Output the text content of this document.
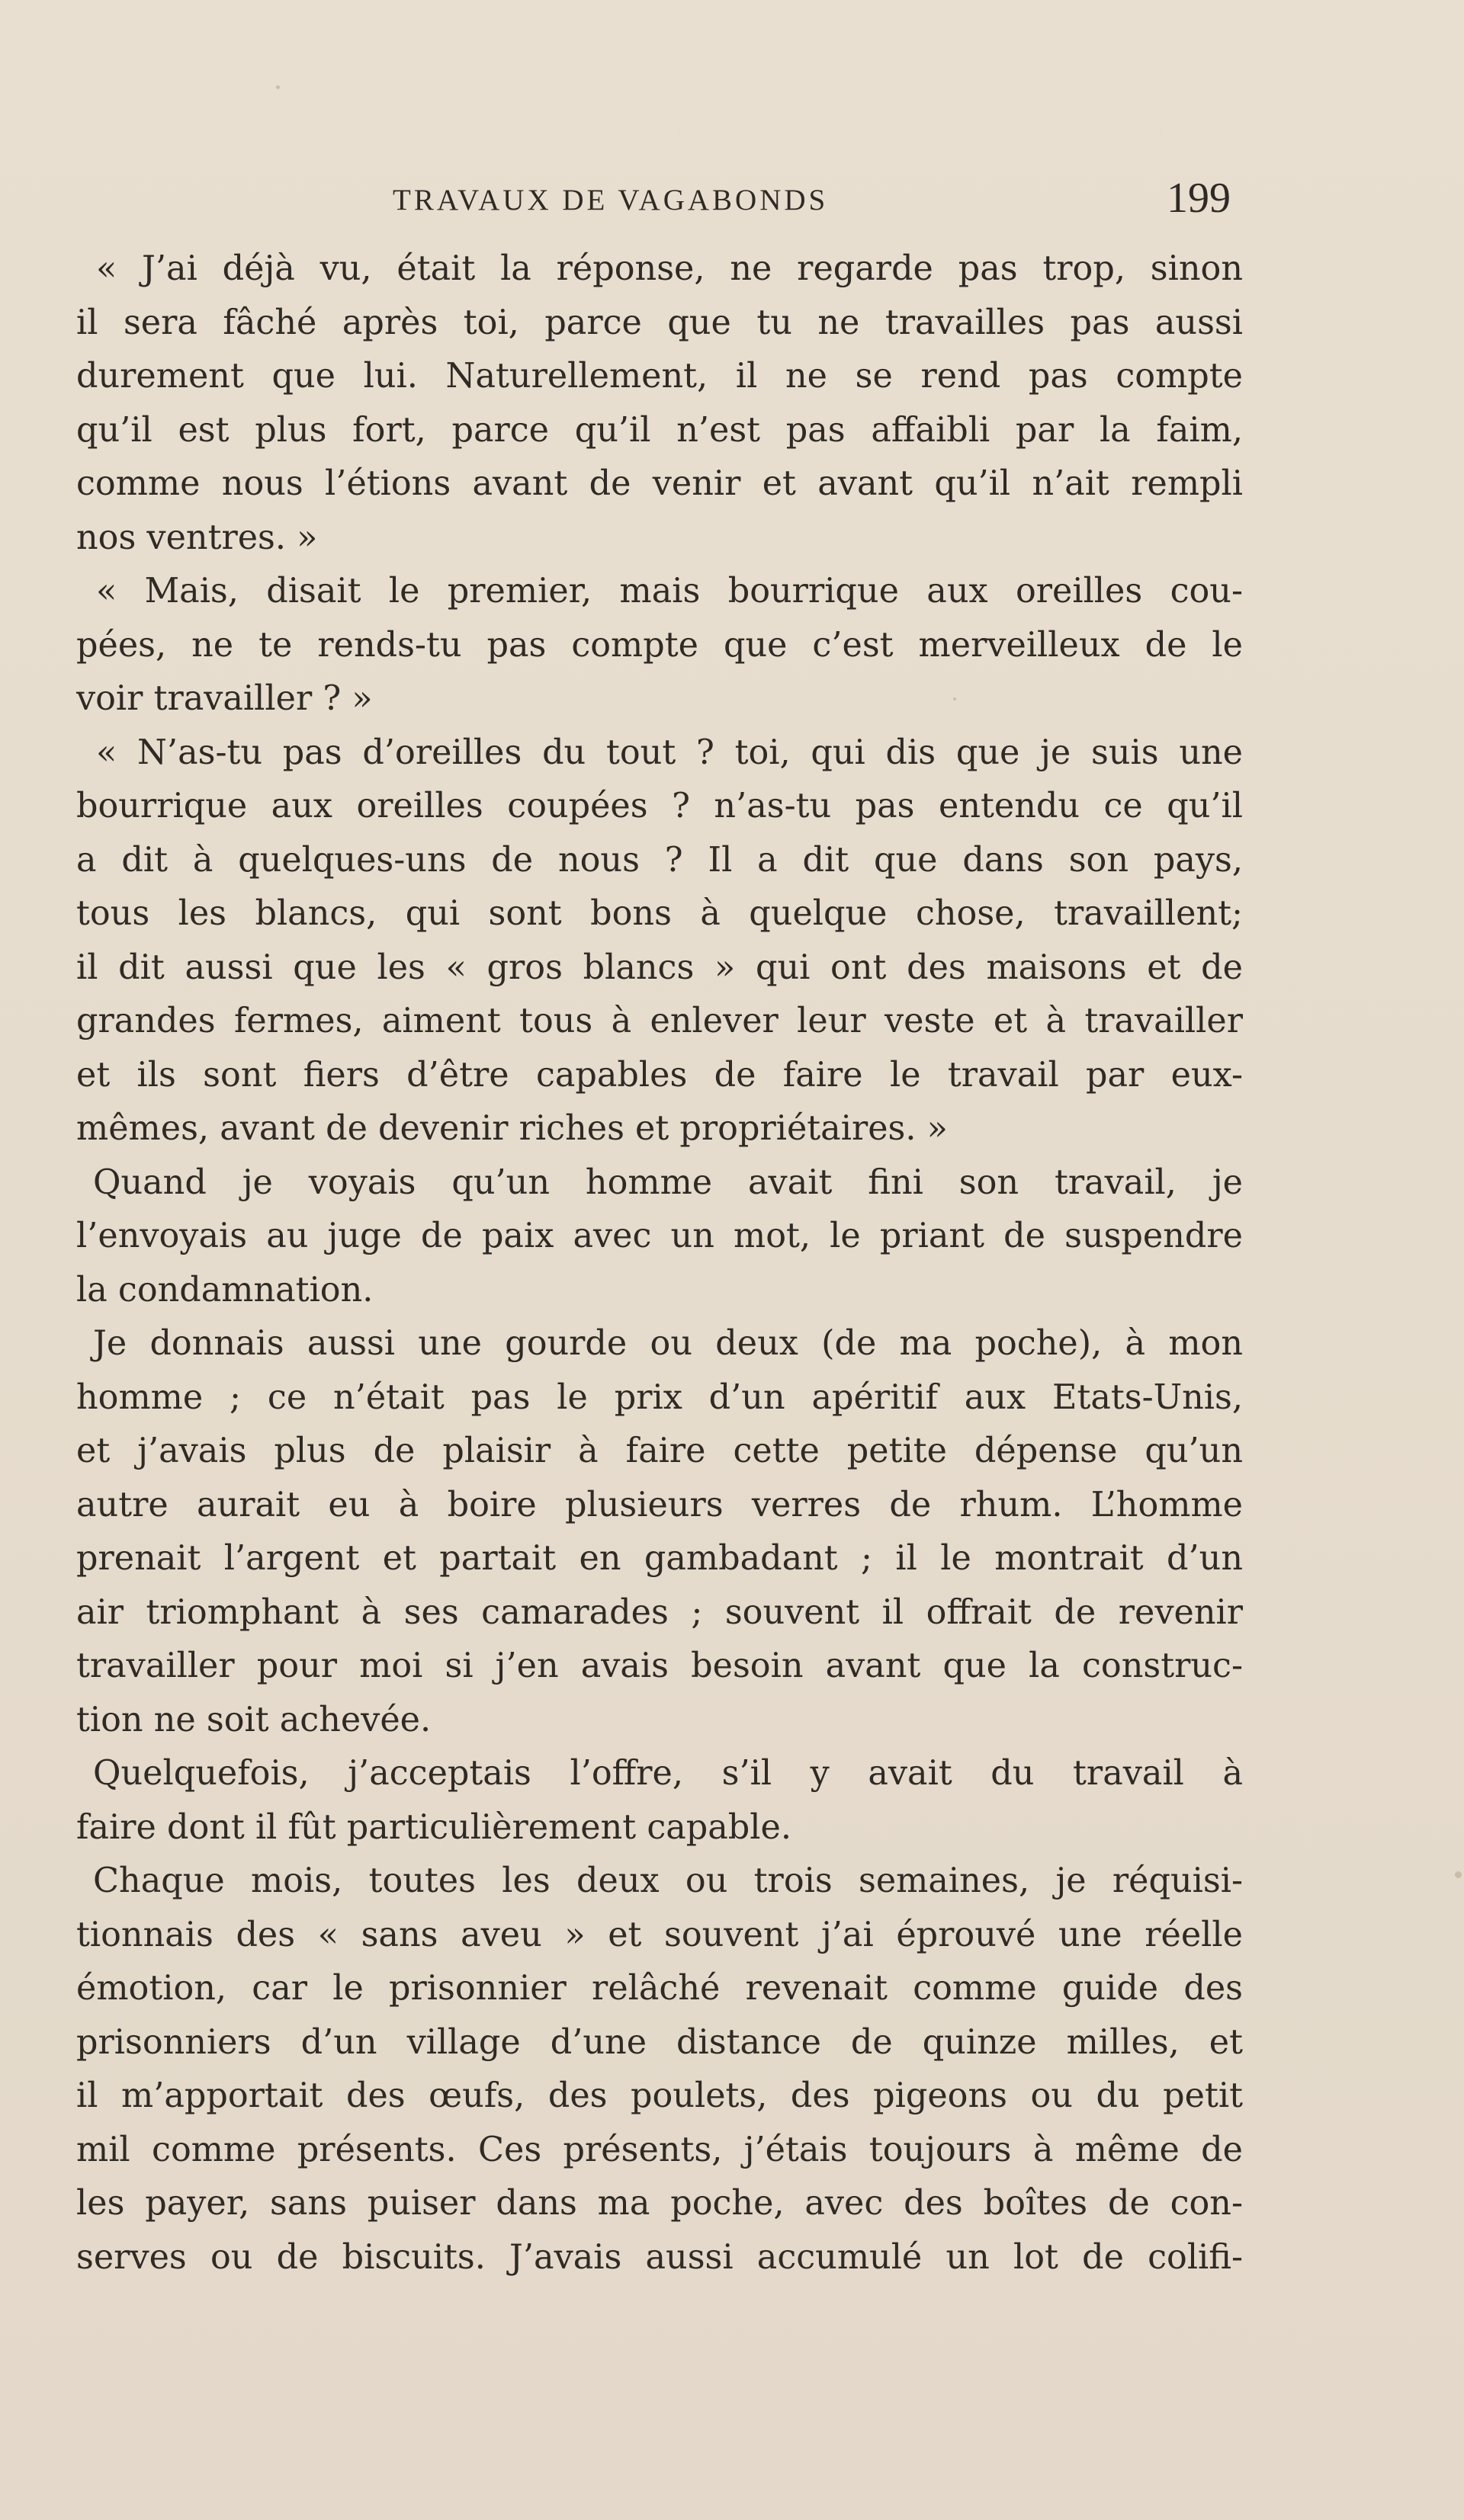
TRAVAUX DE VAGABONDS	199
« J’ai déjà vu, était la réponse, ne regarde pas trop, sinon
il sera fâché après toi, parce que tu ne travailles pas aussi
durement que lui. Naturellement, il ne se rend pas compte
qu’il est plus fort, parce qu’il n’est pas affaibli par la faim,
comme nous l’étions avant de venir et avant qu’il n’ait rempli
nos ventres. »
« Mais, disait le premier, mais bourrique aux oreilles cou-
pées, ne te rends-tu pas compte que c’est merveilleux de le
voir travailler ? »
« N’as-tu pas d’oreilles du tout ? toi, qui dis que je suis une
bourrique aux oreilles coupées ? n’as-tu pas entendu ce qu’il
a dit à quelques-uns de nous ? Il a dit que dans son pays,
tous les blancs, qui sont bons à quelque chose, travaillent;
il dit aussi que les « gros blancs » qui ont des maisons et de
grandes fermes, aiment tous à enlever leur veste et à travailler
et ils sont fiers d’être capables de faire le travail par eux-
mêmes, avant de devenir riches et propriétaires. »
Quand je voyais qu’un homme avait fini son travail, je
l’envoyais au juge de paix avec un mot, le priant de suspendre
la condamnation.
Je donnais aussi une gourde ou deux (de ma poche), à mon
homme ; ce n’était pas le prix d’un apéritif aux Etats-Unis,
et j’avais plus de plaisir à faire cette petite dépense qu’un
autre aurait eu à boire plusieurs verres de rhum. L’homme
prenait l’argent et partait en gambadant ; il le montrait d’un
air triomphant à ses camarades ; souvent il offrait de revenir
travailler pour moi si j’en avais besoin avant que la construc-
tion ne soit achevée.
Quelquefois, j’acceptais l’offre, s’il y avait du travail à
faire dont il fût particulièrement capable.
Chaque mois, toutes les deux ou trois semaines, je réquisi-
tionnais des « sans aveu » et souvent j’ai éprouvé une réelle
émotion, car le prisonnier relâché revenait comme guide des
prisonniers d’un village d’une distance de quinze milles, et
il m’apportait des œufs, des poulets, des pigeons ou du petit
mil comme présents. Ces présents, j’étais toujours à même de
les payer, sans puiser dans ma poche, avec des boîtes de con-
serves ou de biscuits. J’avais aussi accumulé un lot de colifi-
